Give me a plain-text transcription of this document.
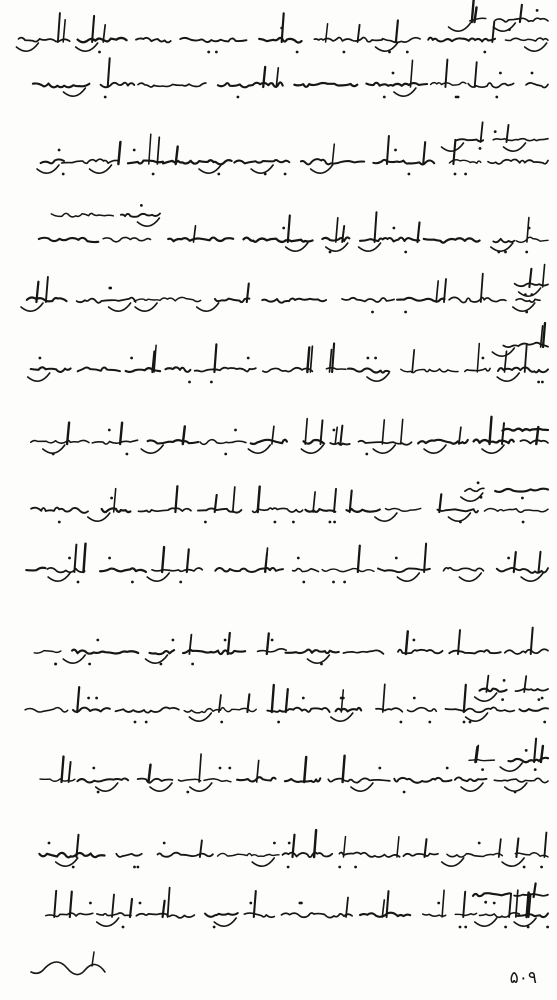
۵۰۹
